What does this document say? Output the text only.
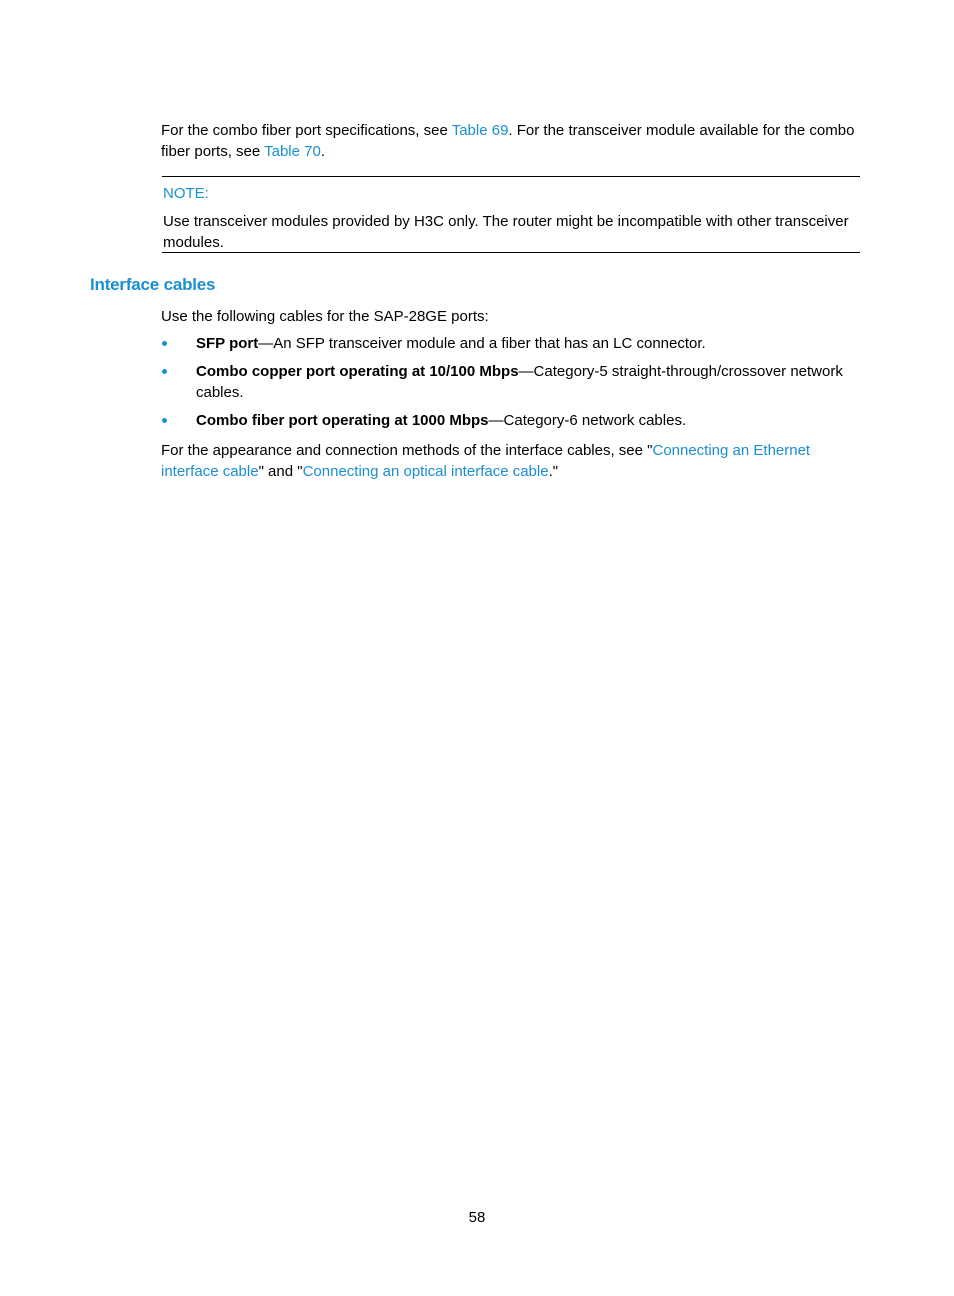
For the combo fiber port specifications, see Table 69. For the transceiver module available for the combo fiber ports, see Table 70.

NOTE:
Use transceiver modules provided by H3C only. The router might be incompatible with other transceiver modules.
Interface cables

Use the following cables for the SAP-28GE ports:

SFP port—An SFP transceiver module and a fiber that has an LC connector.

Combo copper port operating at 10/100 Mbps—Category-5 straight-through/crossover network cables.

Combo fiber port operating at 1000 Mbps—Category-6 network cables.

For the appearance and connection methods of the interface cables, see "Connecting an Ethernet interface cable" and "Connecting an optical interface cable."

58
